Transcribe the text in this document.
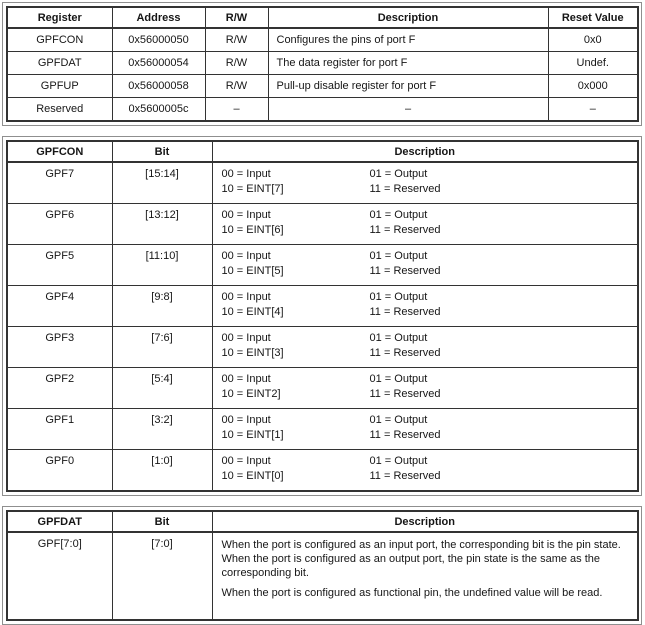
Register	Address	R/W	Description	Reset Value
GPFCON	0x56000050	R/W	Configures the pins of port F	0x0
GPFDAT	0x56000054	R/W	The data register for port F	Undef.
GPFUP	0x56000058	R/W	Pull-up disable register for port F	0x000
Reserved	0x5600005c	–	–	–
GPFCON	Bit	Description
GPF7	[15:14]	00 = Input 01 = Output
10 = EINT[7] 11 = Reserved

GPF6	[13:12]	00 = Input 01 = Output
10 = EINT[6] 11 = Reserved

GPF5	[11:10]	00 = Input 01 = Output
10 = EINT[5] 11 = Reserved

GPF4	[9:8]	00 = Input 01 = Output
10 = EINT[4] 11 = Reserved

GPF3	[7:6]	00 = Input 01 = Output
10 = EINT[3] 11 = Reserved

GPF2	[5:4]	00 = Input 01 = Output
10 = EINT2] 11 = Reserved

GPF1	[3:2]	00 = Input 01 = Output
10 = EINT[1] 11 = Reserved

GPF0	[1:0]	00 = Input 01 = Output
10 = EINT[0] 11 = Reserved
GPFDAT	Bit	Description
GPF[7:0]	[7:0]	When the port is configured as an input port, the corresponding bit is the pin state. When the port is configured as an output port, the pin state is the same as the corresponding bit.

When the port is configured as functional pin, the undefined value will be read.
